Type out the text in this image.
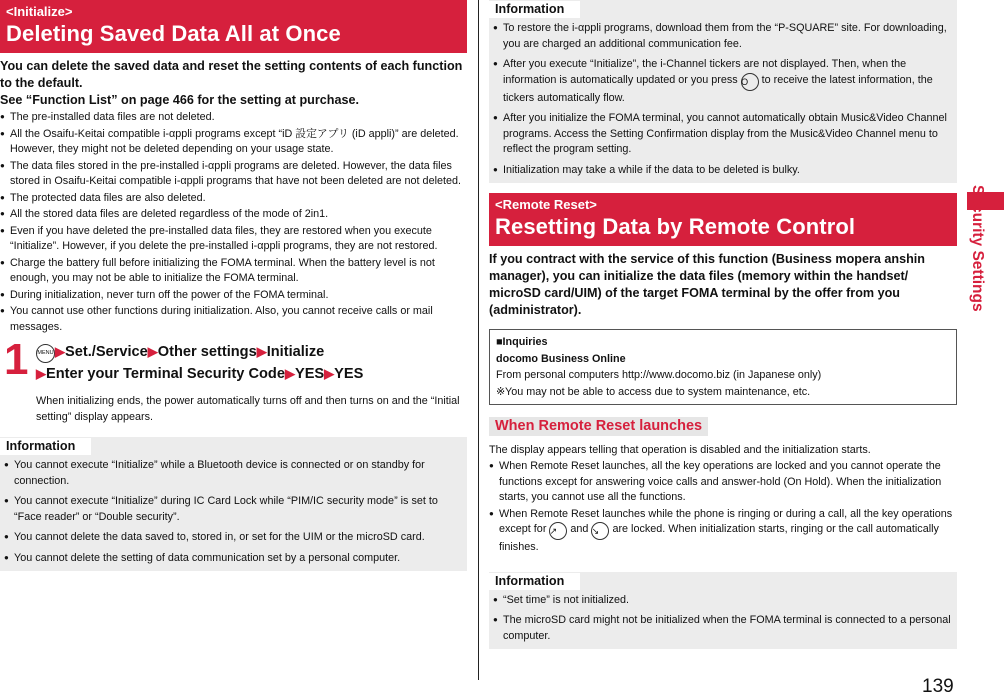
<Initialize>
Deleting Saved Data All at Once
You can delete the saved data and reset the setting contents of each function to the default.
See “Function List” on page 466 for the setting at purchase.
● The pre-installed data files are not deleted.
● All the Osaifu-Keitai compatible i-αppli programs except “iD 設定アプリ (iD appli)” are deleted. However, they might not be deleted depending on your usage state.
● The data files stored in the pre-installed i-αppli programs are deleted. However, the data files stored in Osaifu-Keitai compatible i-αppli programs that have not been deleted are not deleted.
● The protected data files are also deleted.
● All the stored data files are deleted regardless of the mode of 2in1.
● Even if you have deleted the pre-installed data files, they are restored when you execute “Initialize”. However, if you delete the pre-installed i-αppli programs, they are not restored.
● Charge the battery full before initializing the FOMA terminal. When the battery level is not enough, you may not be able to initialize the FOMA terminal.
● During initialization, never turn off the power of the FOMA terminal.
● You cannot use other functions during initialization. Also, you cannot receive calls or mail messages.
1 MENU▶Set./Service▶Other settings▶Initialize
▶Enter your Terminal Security Code▶YES▶YES
When initializing ends, the power automatically turns off and then turns on and the “Initial setting” display appears.
Information
● You cannot execute “Initialize” while a Bluetooth device is connected or on standby for connection.
● You cannot execute “Initialize” during IC Card Lock while “PIM/IC security mode” is set to “Face reader” or “Double security”.
● You cannot delete the data saved to, stored in, or set for the UIM or the microSD card.
● You cannot delete the setting of data communication set by a personal computer.
Information
● To restore the i-αppli programs, download them from the “P-SQUARE” site. For downloading, you are charged an additional communication fee.
● After you execute “Initialize”, the i-Channel tickers are not displayed. Then, when the information is automatically updated or you press O to receive the latest information, the tickers automatically flow.
● After you initialize the FOMA terminal, you cannot automatically obtain Music&Video Channel programs. Access the Setting Confirmation display from the Music&Video Channel menu to reflect the program setting.
● Initialization may take a while if the data to be deleted is bulky.
<Remote Reset>
Resetting Data by Remote Control
If you contract with the service of this function (Business mopera anshin manager), you can initialize the data files (memory within the handset/ microSD card/UIM) of the target FOMA terminal by the offer from you (administrator).
■Inquiries
docomo Business Online
From personal computers http://www.docomo.biz (in Japanese only)
※You may not be able to access due to system maintenance, etc.
When Remote Reset launches
The display appears telling that operation is disabled and the initialization starts.
● When Remote Reset launches, all the key operations are locked and you cannot operate the functions except for answering voice calls and answer-hold (On Hold). When the initialization starts, you cannot use all the functions.
● When Remote Reset launches while the phone is ringing or during a call, all the key operations except for ↗ and ↘ are locked. When initialization starts, ringing or the call automatically finishes.
Information
● “Set time” is not initialized.
● The microSD card might not be initialized when the FOMA terminal is connected to a personal computer.
Security Settings
139
